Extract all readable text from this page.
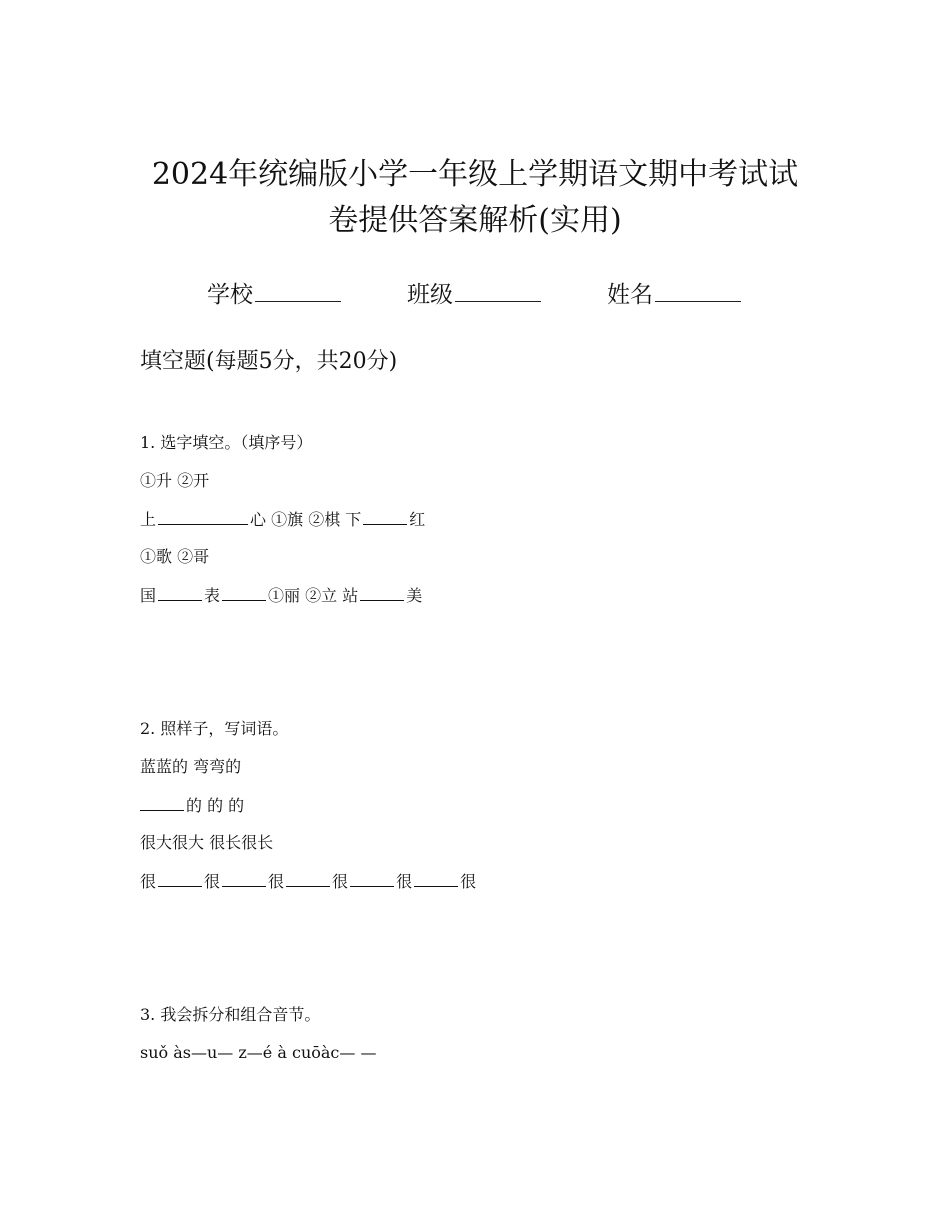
2024年统编版小学一年级上学期语文期中考试试
卷提供答案解析(实用)
学校	班级	姓名
填空题(每题5分，共20分)
1. 选字填空。（填序号）
①升 ②开
上	心 ①旗 ②棋 下	红
①歌 ②哥
国	表	①丽 ②立 站	美
2. 照样子，写词语。
蓝蓝的 弯弯的
的 的 的
很大很大 很长很长
很	很	很	很	很	很
3. 我会拆分和组合音节。
suǒ às—u— z—é à cuōàc— —
